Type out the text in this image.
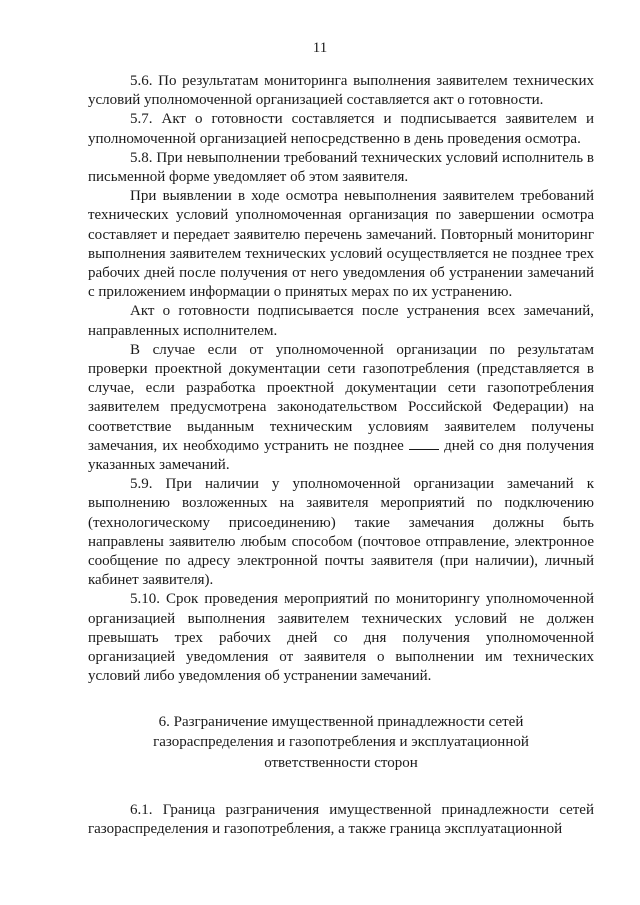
11

5.6. По результатам мониторинга выполнения заявителем технических условий уполномоченной организацией составляется акт о готовности.

5.7. Акт о готовности составляется и подписывается заявителем и уполномоченной организацией непосредственно в день проведения осмотра.

5.8. При невыполнении требований технических условий исполнитель в письменной форме уведомляет об этом заявителя.

При выявлении в ходе осмотра невыполнения заявителем требований технических условий уполномоченная организация по завершении осмотра составляет и передает заявителю перечень замечаний. Повторный мониторинг выполнения заявителем технических условий осуществляется не позднее трех рабочих дней после получения от него уведомления об устранении замечаний с приложением информации о принятых мерах по их устранению.

Акт о готовности подписывается после устранения всех замечаний, направленных исполнителем.

В случае если от уполномоченной организации по результатам проверки проектной документации сети газопотребления (представляется в случае, если разработка проектной документации сети газопотребления заявителем предусмотрена законодательством Российской Федерации) на соответствие выданным техническим условиям заявителем получены замечания, их необходимо устранить не позднее	дней со дня получения указанных замечаний.

5.9. При наличии у уполномоченной организации замечаний к выполнению возложенных на заявителя мероприятий по подключению (технологическому присоединению) такие замечания должны быть направлены заявителю любым способом (почтовое отправление, электронное сообщение по адресу электронной почты заявителя (при наличии), личный кабинет заявителя).

5.10. Срок проведения мероприятий по мониторингу уполномоченной организацией выполнения заявителем технических условий не должен превышать трех рабочих дней со дня получения уполномоченной организацией уведомления от заявителя о выполнении им технических условий либо уведомления об устранении замечаний.

6. Разграничение имущественной принадлежности сетей
газораспределения и газопотребления и эксплуатационной
ответственности сторон

6.1. Граница разграничения имущественной принадлежности сетей газораспределения и газопотребления, а также граница эксплуатационной
